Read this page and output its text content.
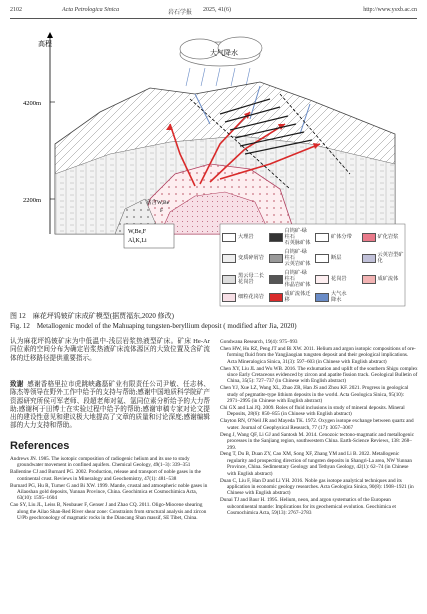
2102	Acta Petrologica Sinica	岩石学报 2025, 41(6)	http://www.ysxb.ac.cn
高程
4200m
2200m
大气降水
W,Be,F
Al,K,Li
富含W,Be
F
大理岩
白钨矿-绿柱石
石英脉矿体
矿体分带	矿化岩浆
变质碎屑岩
白钨矿-绿柱石
云英岩矿体
断层	云英岩型矿化
黑云母二长
花岗岩
白钨矿-绿柱石
伟晶岩矿体
花岗岩	成矿流体
细粒花岗岩	成矿流体迁移
大气水
降水
图 12　麻花坪钨铍矿床成矿模型(据贾福东,2020 修改)
Fig. 12　Metallogenic model of the Mahuaping tungsten-beryllium deposit ( modified after Jia, 2020)
认为麻花坪钨铍矿床为中低温中-浅层岩浆热液型矿床。矿床 He-Ar 同位素的空间分布为确定岩浆热液矿床流体源区的大致位置及含矿流体的迁移路径提供重要指示。
致谢 感谢香格里拉市虎跳峡鑫磊矿业有限责任公司尹敏、任志林、陈杰等领导在野外工作中给予的支持与帮助;感谢中国地质科学院矿产资源研究所侯可军老师、段超老师对氦、氩同位素分析给予的大力帮助;感谢柯于田博士在实验过程中给予的帮助;感谢审稿专家对论文提出的建设性意见和建议极大地提高了文章的质量和讨论深度;感谢编辑部的大力支持和帮助。
References

Andrews JN. 1985. The isotopic composition of radiogenic helium and its use to study groundwater movement in confined aquifers. Chemical Geology, 49(1–3): 339–351

Ballentine CJ and Burnard PG. 2002. Production, release and transport of noble gases in the continental crust. Reviews in Mineralogy and Geochemistry, 47(1): 481–538

Burnard PG, Hu R, Turner G and Bi XW. 1999. Mantle, crustal and atmospheric noble gases in Ailaoshan gold deposits, Yunnan Province, China. Geochimica et Cosmochimica Acta, 63(10): 1595–1604

Cao SY, Liu JL, Leiss B, Neubauer F, Genser J and Zhao CQ. 2011. Oligo-Miocene shearing along the Ailao Shan-Red River shear zone: Constraints from structural analysis and zircon U/Pb geochronology of magmatic rocks in the Diancang Shan massif, SE Tibet, China.

Gondwana Research, 19(4): 975–993

Chen HW, Hu RZ, Peng JT and Bi XW. 2011. Helium and argon isotopic compositions of ore-forming fluid from the Yangjiaogian tungsten deposit and their geological implications. Acta Mineralogica Sinica, 31(3): 597–603 (in Chinese with English abstract)

Chen XY, Liu JL and Wu WB. 2016. The exhumation and uplift of the southern Shigu complex since Early Cretaceous evidenced by zircon and apatite fission track. Geological Bulletin of China, 35(5): 727–737 (in Chinese with English abstract)

Chen YJ, Xue LZ, Wang XL, Zhao ZR, Han JS and Zhou KF. 2021. Progress in geological study of pegmatite-type lithium deposits in the world. Acta Geologica Sinica, 95(10): 2971–2995 (in Chinese with English abstract)

Chi GX and Lai JQ. 2009. Roles of fluid inclusions in study of mineral deposits. Mineral Deposits, 28(6): 850–855 (in Chinese with English abstract)

Clayton RN, O'Neil JR and Mayeda TK. 1972. Oxygen isotope exchange between quartz and water. Journal of Geophysical Research, 77 (17): 3057–3067

Deng J, Wang QF, Li GJ and Santosh M. 2014. Cenozoic tectono-magmatic and metallogenic processes in the Sanjiang region, southwestern China. Earth-Science Reviews, 138: 268–299.

Deng T, Du B, Duan ZY, Cao XM, Song XF, Zhang YM and Li B. 2022. Metallogenic regularity and prospecting direction of tungsten deposits in Shangri-La area, NW Yunnan Province, China. Sedimentary Geology and Tethyan Geology, 42(1): 62–74 (in Chinese with English abstract)

Duan C, Liu F, Han D and Li YH. 2016. Noble gas isotope analytical techniques and its application in economic geology researches. Acta Geologica Sinica, 90(8): 1908–1921 (in Chinese with English abstract)

Dunai TJ and Baur H. 1995. Helium, neon, and argon systematics of the European subcontinental mantle: Implications for its geochemical evolution. Geochimica et Cosmochimica Acta, 59(13): 2767–2783
